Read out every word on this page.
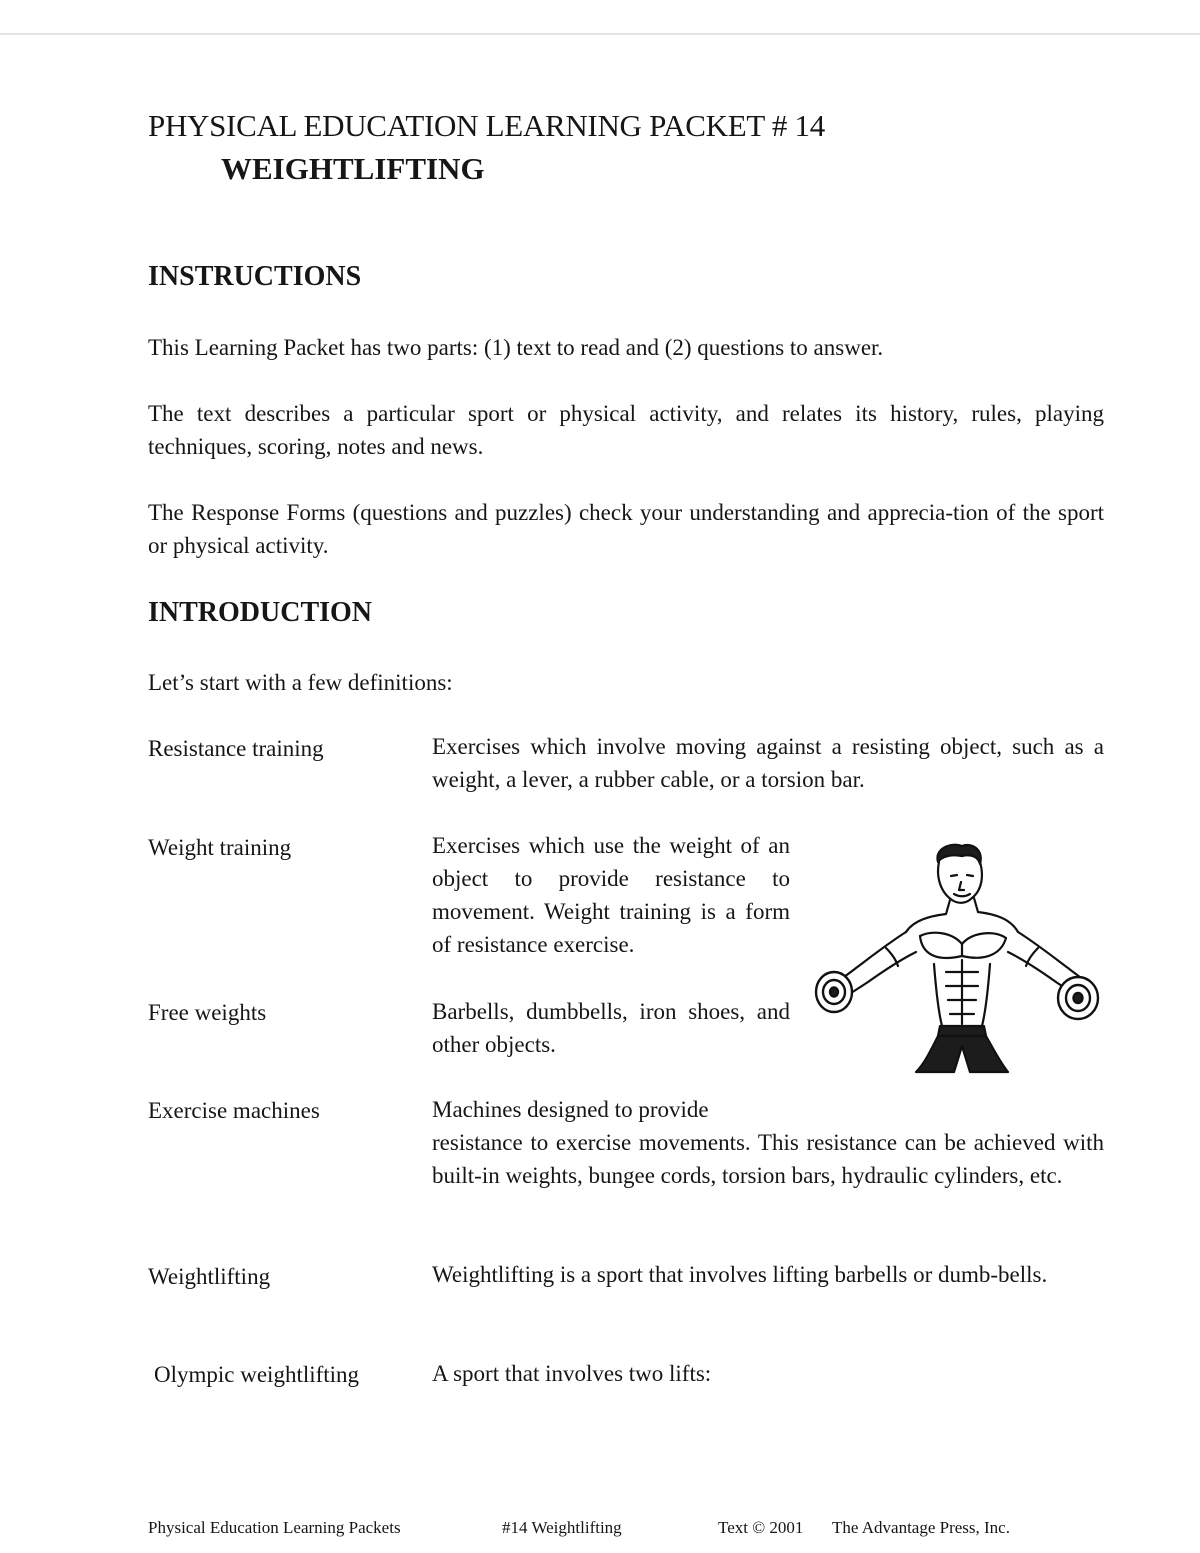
PHYSICAL EDUCATION LEARNING PACKET # 14
WEIGHTLIFTING
INSTRUCTIONS
This Learning Packet has two parts: (1) text to read and (2) questions to answer.
The text describes a particular sport or physical activity, and relates its history, rules, playing techniques, scoring, notes and news.
The Response Forms (questions and puzzles) check your understanding and apprecia-tion of the sport or physical activity.
INTRODUCTION
Let’s start with a few definitions:
Resistance training	Exercises which involve moving against a resisting object, such as a weight, a lever, a rubber cable, or a torsion bar.
Weight training	Exercises which use the weight of an object to provide resistance to movement. Weight training is a form of resistance exercise.
Free weights	Barbells, dumbbells, iron shoes, and other objects.
Exercise machines	Machines designed to provide
resistance to exercise movements. This resistance can be achieved with built-in weights, bungee cords, torsion bars, hydraulic cylinders, etc.
Weightlifting	Weightlifting is a sport that involves lifting barbells or dumb-bells.
Olympic weightlifting	A sport that involves two lifts:
Physical Education Learning Packets	#14 Weightlifting	Text © 2001 The Advantage Press, Inc.
